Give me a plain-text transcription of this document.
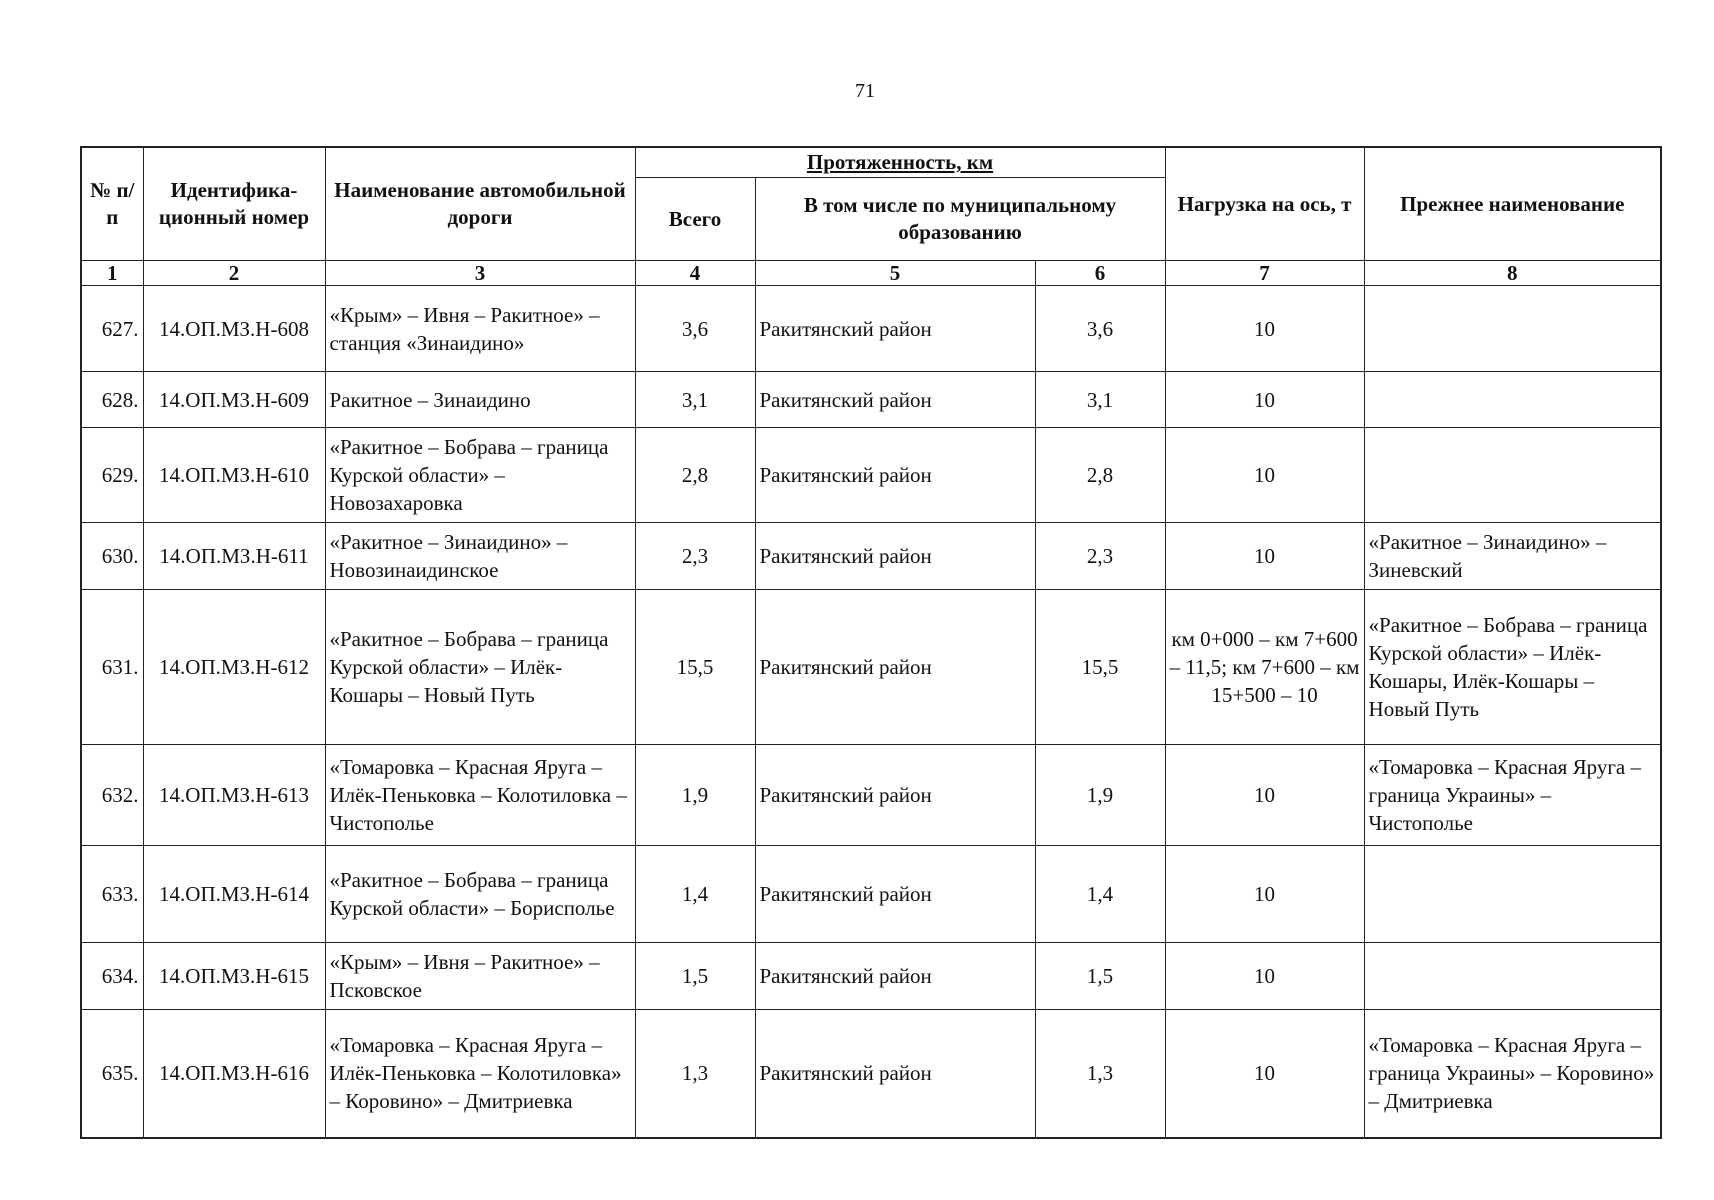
71
№ п/п	Идентифика- ционный номер	Наименование автомобильной дороги	Протяженность, км			Нагрузка на ось, т	Прежнее наименование
			Всего	В том числе по муниципальному образованию			
1	2	3	4	5	6	7	8
627.	14.ОП.МЗ.Н-608	«Крым» – Ивня – Ракитное» – станция «Зинаидино»	3,6	Ракитянский район	3,6	10	
628.	14.ОП.МЗ.Н-609	Ракитное – Зинаидино	3,1	Ракитянский район	3,1	10	
629.	14.ОП.МЗ.Н-610	«Ракитное – Бобрава – граница Курской области» – Новозахаровка	2,8	Ракитянский район	2,8	10	
630.	14.ОП.МЗ.Н-611	«Ракитное – Зинаидино» – Новозинаидинское	2,3	Ракитянский район	2,3	10	«Ракитное – Зинаидино» – Зиневский
631.	14.ОП.МЗ.Н-612	«Ракитное – Бобрава – граница Курской области» – Илёк-Кошары – Новый Путь	15,5	Ракитянский район	15,5	км 0+000 – км 7+600 – 11,5; км 7+600 – км 15+500 – 10	«Ракитное – Бобрава – граница Курской области» – Илёк-Кошары, Илёк-Кошары – Новый Путь
632.	14.ОП.МЗ.Н-613	«Томаровка – Красная Яруга – Илёк-Пеньковка – Колотиловка – Чистополье	1,9	Ракитянский район	1,9	10	«Томаровка – Красная Яруга – граница Украины» – Чистополье
633.	14.ОП.МЗ.Н-614	«Ракитное – Бобрава – граница Курской области» – Борисполье	1,4	Ракитянский район	1,4	10	
634.	14.ОП.МЗ.Н-615	«Крым» – Ивня – Ракитное» – Псковское	1,5	Ракитянский район	1,5	10	
635.	14.ОП.МЗ.Н-616	«Томаровка – Красная Яруга – Илёк-Пеньковка – Колотиловка» – Коровино» – Дмитриевка	1,3	Ракитянский район	1,3	10	«Томаровка – Красная Яруга – граница Украины» – Коровино» – Дмитриевка
